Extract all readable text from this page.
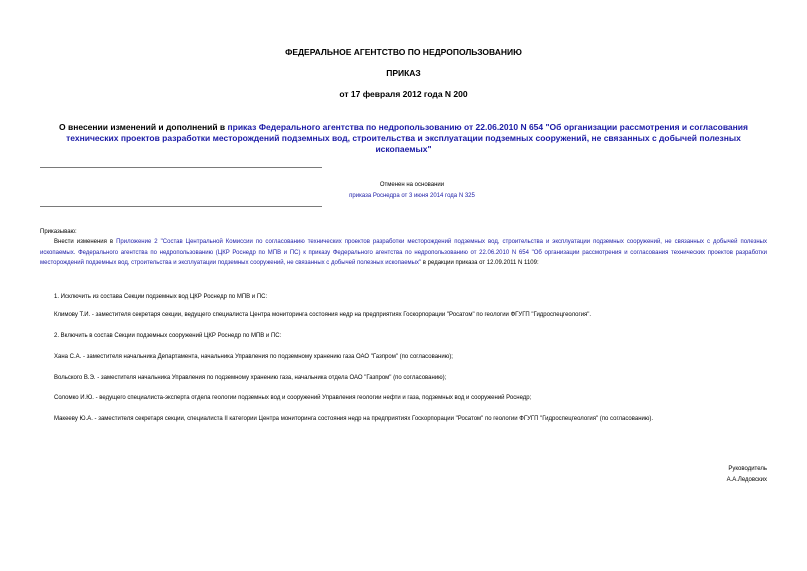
ФЕДЕРАЛЬНОЕ АГЕНТСТВО ПО НЕДРОПОЛЬЗОВАНИЮ
ПРИКАЗ
от 17 февраля 2012 года N 200
О внесении изменений и дополнений в приказ Федерального агентства по недропользованию от 22.06.2010 N 654 "Об организации рассмотрения и согласования технических проектов разработки месторождений подземных вод, строительства и эксплуатации подземных сооружений, не связанных с добычей полезных ископаемых"
Отменен на основании
приказа Роснедра от 3 июня 2014 года N 325
Приказываю:
Внести изменения в Приложение 2 "Состав Центральной Комиссии по согласованию технических проектов разработки месторождений подземных вод, строительства и эксплуатации подземных сооружений, не связанных с добычей полезных ископаемых. Федерального агентства по недропользованию (ЦКР Роснедр по МПВ и ПС) к приказу Федерального агентства по недропользованию от 22.06.2010 N 654 "Об организации рассмотрения и согласования технических проектов разработки месторождений подземных вод, строительства и эксплуатации подземных сооружений, не связанных с добычей полезных ископаемых" в редакции приказа от 12.09.2011 N 1109:
1. Исключить из состава Секции подземных вод ЦКР Роснедр по МПВ и ПС:
Климову Т.И. - заместителя секретаря секции, ведущего специалиста Центра мониторинга состояния недр на предприятиях Госкорпорации "Росатом" по геологии ФГУГП "Гидроспецгеология".
2. Включить в состав Секции подземных сооружений ЦКР Роснедр по МПВ и ПС:
Хана С.А. - заместителя начальника Департамента, начальника Управления по подземному хранению газа ОАО "Газпром" (по согласованию);
Вольского В.Э. - заместителя начальника Управления по подземному хранению газа, начальника отдела ОАО "Газпром" (по согласованию);
Соломко И.Ю. - ведущего специалиста-эксперта отдела геологии подземных вод и сооружений Управления геологии нефти и газа, подземных вод и сооружений Роснедр;
Макееву Ю.А. - заместителя секретаря секции, специалиста II категории Центра мониторинга состояния недр на предприятиях Госкорпорации "Росатом" по геологии ФГУГП "Гидроспецгеология" (по согласованию).
Руководитель
А.А.Ледовских
